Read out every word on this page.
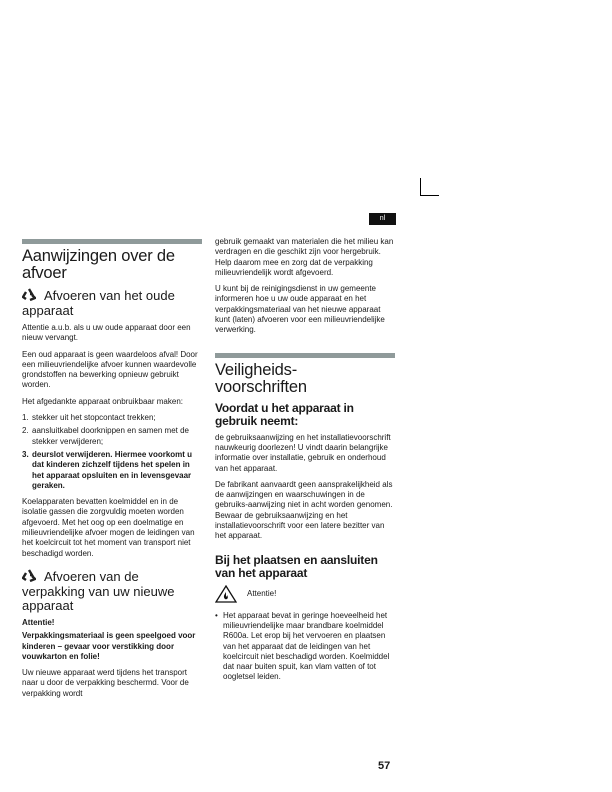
nl
Aanwijzingen over de afvoer
Afvoeren van het oude apparaat

Attentie a.u.b. als u uw oude apparaat door een nieuw vervangt.

Een oud apparaat is geen waardeloos afval! Door een milieuvriendelijke afvoer kunnen waardevolle grondstoffen na bewerking opnieuw gebruikt worden.

Het afgedankte apparaat onbruikbaar maken:

1. stekker uit het stopcontact trekken;
2. aansluitkabel doorknippen en samen met de stekker verwijderen;
3. deurslot verwijderen. Hiermee voorkomt u dat kinderen zichzelf tijdens het spelen in het apparaat opsluiten en in levensgevaar geraken.

Koelapparaten bevatten koelmiddel en in de isolatie gassen die zorgvuldig moeten worden afgevoerd. Met het oog op een doelmatige en milieuvriendelijke afvoer mogen de leidingen van het koelcircuit tot het moment van transport niet beschadigd worden.

Afvoeren van de verpakking van uw nieuwe apparaat

Attentie!

Verpakkingsmateriaal is geen speelgoed voor kinderen – gevaar voor verstikking door vouwkarton en folie!

Uw nieuwe apparaat werd tijdens het transport naar u door de verpakking beschermd. Voor de verpakking wordt

gebruik gemaakt van materialen die het milieu kan verdragen en die geschikt zijn voor hergebruik. Help daarom mee en zorg dat de verpakking milieuvriendelijk wordt afgevoerd.

U kunt bij de reinigingsdienst in uw gemeente informeren hoe u uw oude apparaat en het verpakkingsmateriaal van het nieuwe apparaat kunt (laten) afvoeren voor een milieuvriendelijke verwerking.

Veiligheids-voorschriften
Voordat u het apparaat in gebruik neemt:

de gebruiksaanwijzing en het installatievoorschrift nauwkeurig doorlezen! U vindt daarin belangrijke informatie over installatie, gebruik en onderhoud van het apparaat.

De fabrikant aanvaardt geen aansprakelijkheid als de aanwijzingen en waarschuwingen in de gebruiks-aanwijzing niet in acht worden genomen. Bewaar de gebruiksaanwijzing en het installatievoorschrift voor een latere bezitter van het apparaat.

Bij het plaatsen en aansluiten van het apparaat
Attentie!

• Het apparaat bevat in geringe hoeveelheid het milieuvriendelijke maar brandbare koelmiddel R600a. Let erop bij het vervoeren en plaatsen van het apparaat dat de leidingen van het koelcircuit niet beschadigd worden. Koelmiddel dat naar buiten spuit, kan vlam vatten of tot oogletsel leiden.

57
